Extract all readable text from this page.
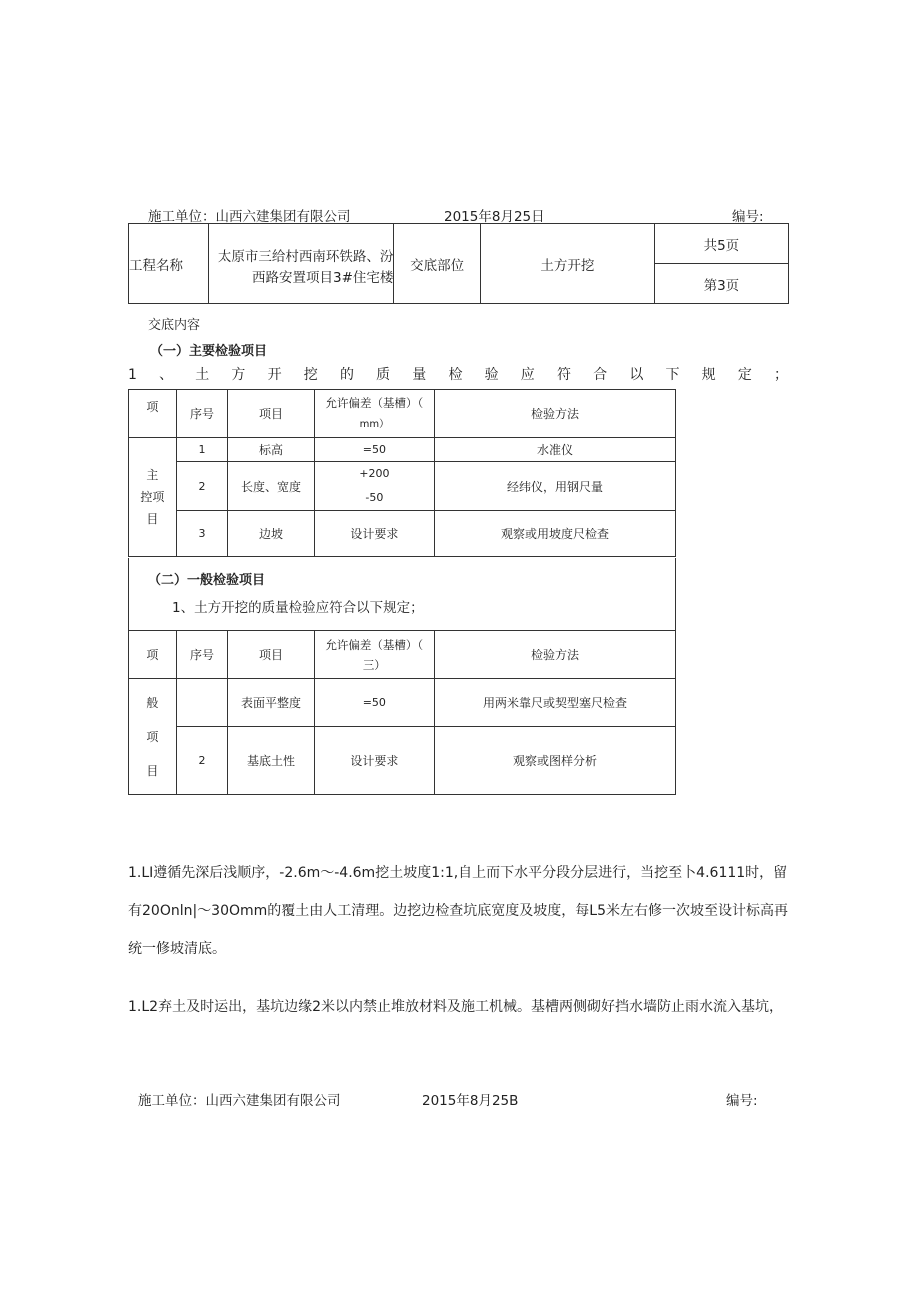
施工单位：山西六建集团有限公司	2015年8月25日	编号:
工程名称	太原市三给村西南环铁路、汾西路安置项目3#住宅楼	交底部位	土方开挖	共5页
第3页
交底内容
（一）主要检验项目
1、土方开挖的质量检验应符合以下规定；
项	序号	项目	允许偏差（基槽）（
mm）	检验方法

主
控项
目	1	标高	=50	水准仪
	2	长度、宽度	+200
-50	经纬仪，用钢尺量
	3	边坡	设计要求	观察或用坡度尺检查
（二）一般检验项目
1、土方开挖的质量检验应符合以下规定；
项	序号	项目	允许偏差（基槽）（
三）	检验方法

般
项
目		表面平整度	=50	用两米靠尺或契型塞尺检查
	2	基底土性	设计要求	观察或图样分析
1.LI遵循先深后浅顺序，-2.6m～-4.6m挖土坡度1:1,自上而下水平分段分层进行，当挖至卜4.6111时，留有20Onln|～30Omm的覆土由人工清理。边挖边检查坑底宽度及坡度，每L5米左右修一次坡至设计标高再统一修坡清底。
1.L2弃土及时运出，基坑边缘2米以内禁止堆放材料及施工机械。基槽两侧砌好挡水墙防止雨水流入基坑，
施工单位：山西六建集团有限公司	2015年8月25B	编号:
